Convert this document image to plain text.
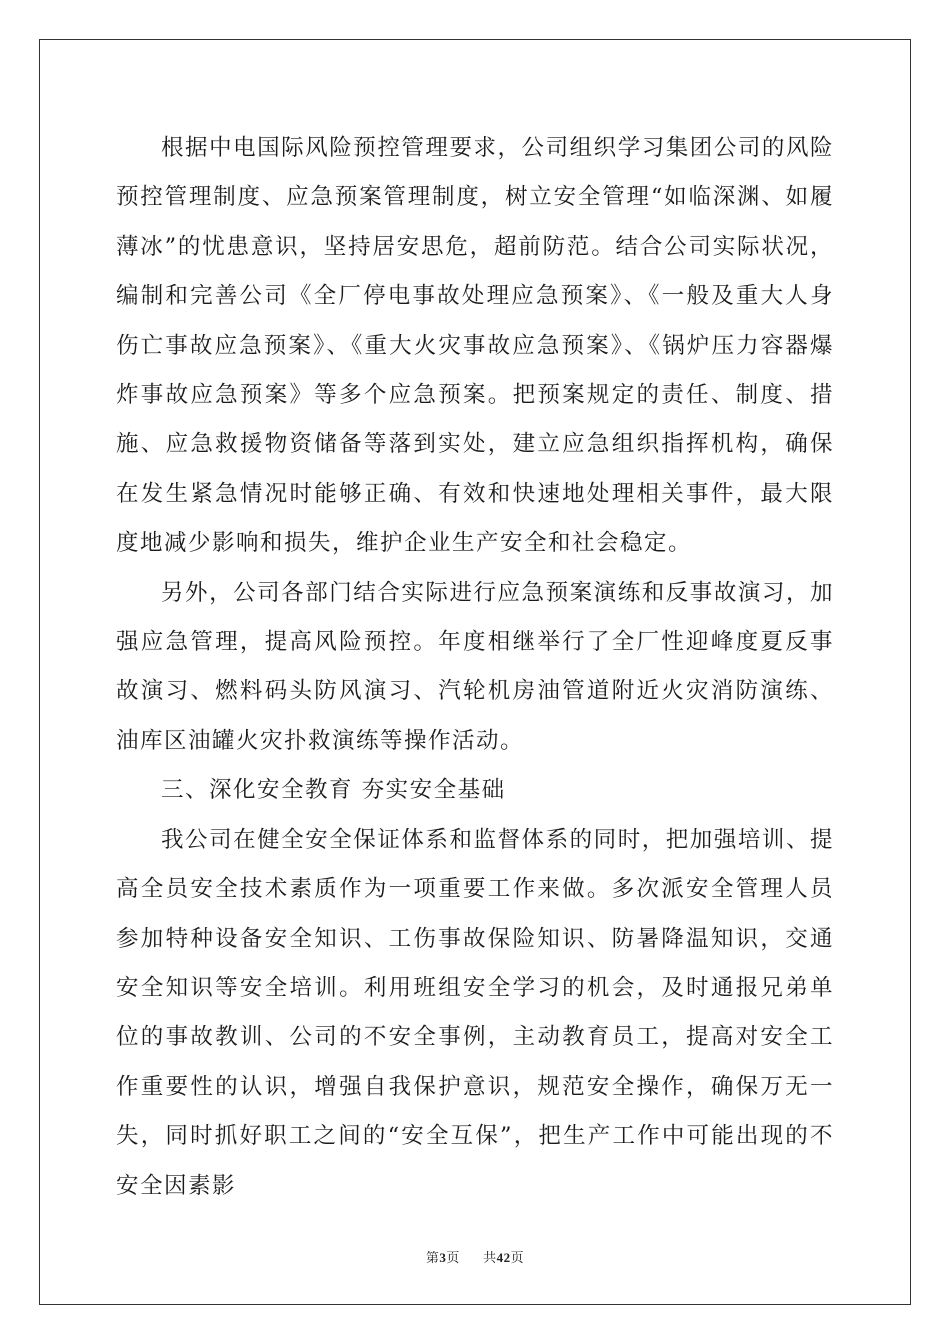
根据中电国际风险预控管理要求，公司组织学习集团公司的风险预控管理制度、应急预案管理制度，树立安全管理“如临深渊、如履薄冰”的忧患意识，坚持居安思危，超前防范。结合公司实际状况，编制和完善公司《全厂停电事故处理应急预案》、《一般及重大人身伤亡事故应急预案》、《重大火灾事故应急预案》、《锅炉压力容器爆炸事故应急预案》等多个应急预案。把预案规定的责任、制度、措施、应急救援物资储备等落到实处，建立应急组织指挥机构，确保在发生紧急情况时能够正确、有效和快速地处理相关事件，最大限度地减少影响和损失，维护企业生产安全和社会稳定。

另外，公司各部门结合实际进行应急预案演练和反事故演习，加强应急管理，提高风险预控。年度相继举行了全厂性迎峰度夏反事故演习、燃料码头防风演习、汽轮机房油管道附近火灾消防演练、油库区油罐火灾扑救演练等操作活动。

三、深化安全教育 夯实安全基础

我公司在健全安全保证体系和监督体系的同时，把加强培训、提高全员安全技术素质作为一项重要工作来做。多次派安全管理人员参加特种设备安全知识、工伤事故保险知识、防暑降温知识，交通安全知识等安全培训。利用班组安全学习的机会，及时通报兄弟单位的事故教训、公司的不安全事例，主动教育员工，提高对安全工作重要性的认识，增强自我保护意识，规范安全操作，确保万无一失，同时抓好职工之间的“安全互保”，把生产工作中可能出现的不安全因素影

第3页 共42页
